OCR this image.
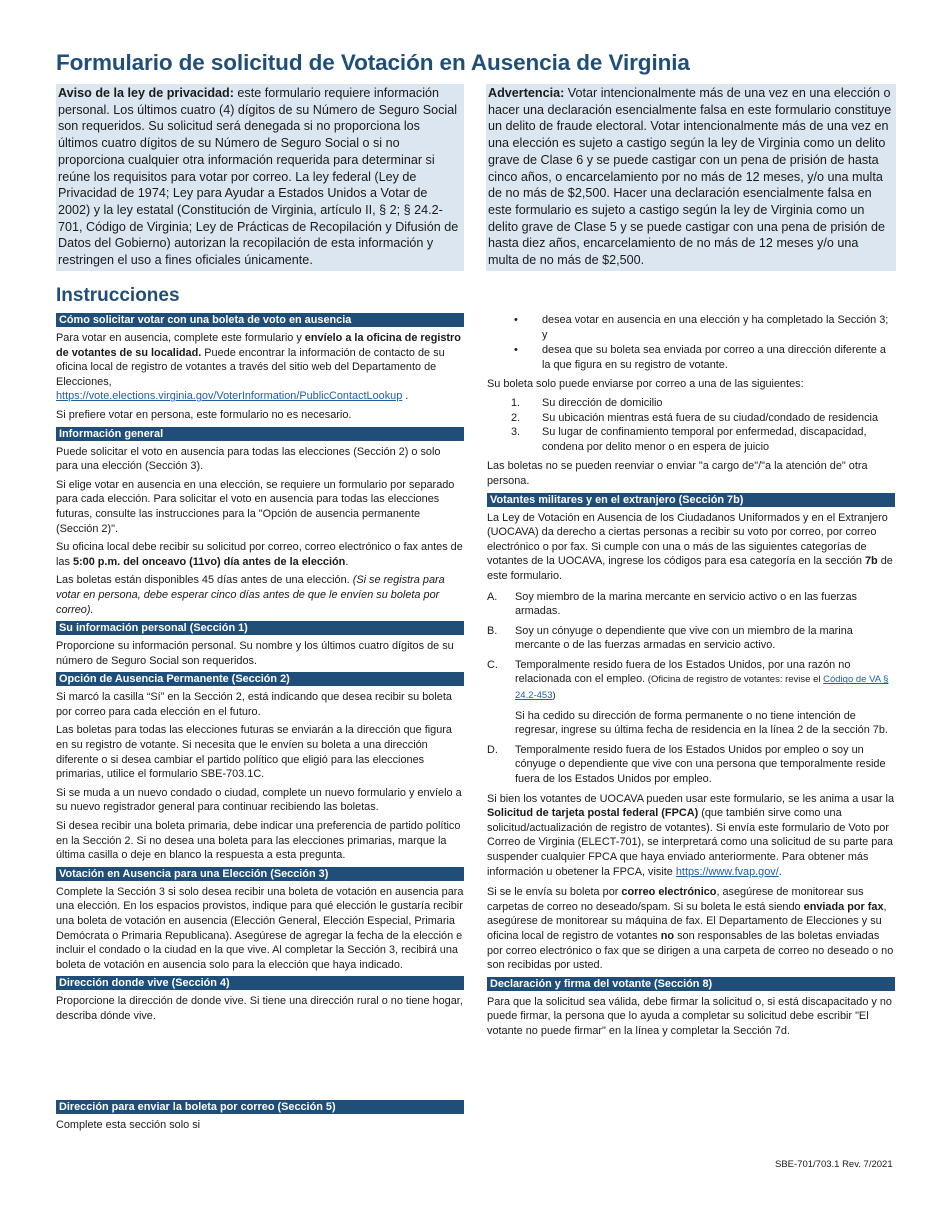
Formulario de solicitud de Votación en Ausencia de Virginia
Aviso de la ley de privacidad: este formulario requiere información personal. Los últimos cuatro (4) dígitos de su Número de Seguro Social son requeridos. Su solicitud será denegada si no proporciona los últimos cuatro dígitos de su Número de Seguro Social o si no proporciona cualquier otra información requerida para determinar si reúne los requisitos para votar por correo. La ley federal (Ley de Privacidad de 1974; Ley para Ayudar a Estados Unidos a Votar de 2002) y la ley estatal (Constitución de Virginia, artículo II, § 2; § 24.2-701, Código de Virginia; Ley de Prácticas de Recopilación y Difusión de Datos del Gobierno) autorizan la recopilación de esta información y restringen el uso a fines oficiales únicamente.
Advertencia: Votar intencionalmente más de una vez en una elección o hacer una declaración esencialmente falsa en este formulario constituye un delito de fraude electoral. Votar intencionalmente más de una vez en una elección es sujeto a castigo según la ley de Virginia como un delito grave de Clase 6 y se puede castigar con un pena de prisión de hasta cinco años, o encarcelamiento por no más de 12 meses, y/o una multa de no más de $2,500. Hacer una declaración esencialmente falsa en este formulario es sujeto a castigo según la ley de Virginia como un delito grave de Clase 5 y se puede castigar con una pena de prisión de hasta diez años, encarcelamiento de no más de 12 meses y/o una multa de no más de $2,500.
Instrucciones
Cómo solicitar votar con una boleta de voto en ausencia

Para votar en ausencia, complete este formulario y envíelo a la oficina de registro de votantes de su localidad. Puede encontrar la información de contacto de su oficina local de registro de votantes a través del sitio web del Departamento de Elecciones,
https://vote.elections.virginia.gov/VoterInformation/PublicContactLookup .

Si prefiere votar en persona, este formulario no es necesario.

Información general

Puede solicitar el voto en ausencia para todas las elecciones (Sección 2) o solo para una elección (Sección 3).

Si elige votar en ausencia en una elección, se requiere un formulario por separado para cada elección. Para solicitar el voto en ausencia para todas las elecciones futuras, consulte las instrucciones para la "Opción de ausencia permanente (Sección 2)".

Su oficina local debe recibir su solicitud por correo, correo electrónico o fax antes de las 5:00 p.m. del onceavo (11vo) día antes de la elección.

Las boletas están disponibles 45 días antes de una elección. (Si se registra para votar en persona, debe esperar cinco días antes de que le envíen su boleta por correo).

Su información personal (Sección 1)

Proporcione su información personal. Su nombre y los últimos cuatro dígitos de su número de Seguro Social son requeridos.

Opción de Ausencia Permanente (Sección 2)

Si marcó la casilla “Sí” en la Sección 2, está indicando que desea recibir su boleta por correo para cada elección en el futuro.

Las boletas para todas las elecciones futuras se enviarán a la dirección que figura en su registro de votante. Si necesita que le envíen su boleta a una dirección diferente o si desea cambiar el partido político que eligió para las elecciones primarias, utilice el formulario SBE-703.1C.

Si se muda a un nuevo condado o ciudad, complete un nuevo formulario y envíelo a su nuevo registrador general para continuar recibiendo las boletas.

Si desea recibir una boleta primaria, debe indicar una preferencia de partido político en la Sección 2. Si no desea una boleta para las elecciones primarias, marque la última casilla o deje en blanco la respuesta a esta pregunta.

Votación en Ausencia para una Elección (Sección 3)

Complete la Sección 3 si solo desea recibir una boleta de votación en ausencia para una elección. En los espacios provistos, indique para qué elección le gustaría recibir una boleta de votación en ausencia (Elección General, Elección Especial, Primaria Demócrata o Primaria Republicana). Asegúrese de agregar la fecha de la elección e incluir el condado o la ciudad en la que vive. Al completar la Sección 3, recibirá una boleta de votación en ausencia solo para la elección que haya indicado.

Dirección donde vive (Sección 4)

Proporcione la dirección de donde vive. Si tiene una dirección rural o no tiene hogar, describa dónde vive.

Dirección para enviar la boleta por correo (Sección 5)

Complete esta sección solo si

•	desea votar en ausencia en una elección y ha completado la Sección 3; y
•	desea que su boleta sea enviada por correo a una dirección diferente a la que figura en su registro de votante.

Su boleta solo puede enviarse por correo a una de las siguientes:

1.	Su dirección de domicilio
2.	Su ubicación mientras está fuera de su ciudad/condado de residencia
3.	Su lugar de confinamiento temporal por enfermedad, discapacidad, condena por delito menor o en espera de juicio

Las boletas no se pueden reenviar o enviar "a cargo de"/"a la atención de" otra persona.

Votantes militares y en el extranjero (Sección 7b)

La Ley de Votación en Ausencia de los Ciudadanos Uniformados y en el Extranjero (UOCAVA) da derecho a ciertas personas a recibir su voto por correo, por correo electrónico o por fax. Si cumple con una o más de las siguientes categorías de votantes de la UOCAVA, ingrese los códigos para esa categoría en la sección 7b de este formulario.

A.	Soy miembro de la marina mercante en servicio activo o en las fuerzas armadas.
B.	Soy un cónyuge o dependiente que vive con un miembro de la marina mercante o de las fuerzas armadas en servicio activo.
C.	Temporalmente resido fuera de los Estados Unidos, por una razón no relacionada con el empleo. (Oficina de registro de votantes: revise el Código de VA § 24.2-453)
Si ha cedido su dirección de forma permanente o no tiene intención de regresar, ingrese su última fecha de residencia en la línea 2 de la sección 7b.
D.	Temporalmente resido fuera de los Estados Unidos por empleo o soy un cónyuge o dependiente que vive con una persona que temporalmente reside fuera de los Estados Unidos por empleo.

Si bien los votantes de UOCAVA pueden usar este formulario, se les anima a usar la Solicitud de tarjeta postal federal (FPCA) (que también sirve como una solicitud/actualización de registro de votantes). Si envía este formulario de Voto por Correo de Virginia (ELECT-701), se interpretará como una solicitud de su parte para suspender cualquier FPCA que haya enviado anteriormente. Para obtener más información u obetener la FPCA, visite https://www.fvap.gov/.

Si se le envía su boleta por correo electrónico, asegúrese de monitorear sus carpetas de correo no deseado/spam. Si su boleta le está siendo enviada por fax, asegúrese de monitorear su máquina de fax. El Departamento de Elecciones y su oficina local de registro de votantes no son responsables de las boletas enviadas por correo electrónico o fax que se dirigen a una carpeta de correo no deseado o no son recibidas por usted.

Declaración y firma del votante (Sección 8)

Para que la solicitud sea válida, debe firmar la solicitud o, si está discapacitado y no puede firmar, la persona que lo ayuda a completar su solicitud debe escribir "El votante no puede firmar" en la línea y completar la Sección 7d.

SBE-701/703.1 Rev. 7/2021
